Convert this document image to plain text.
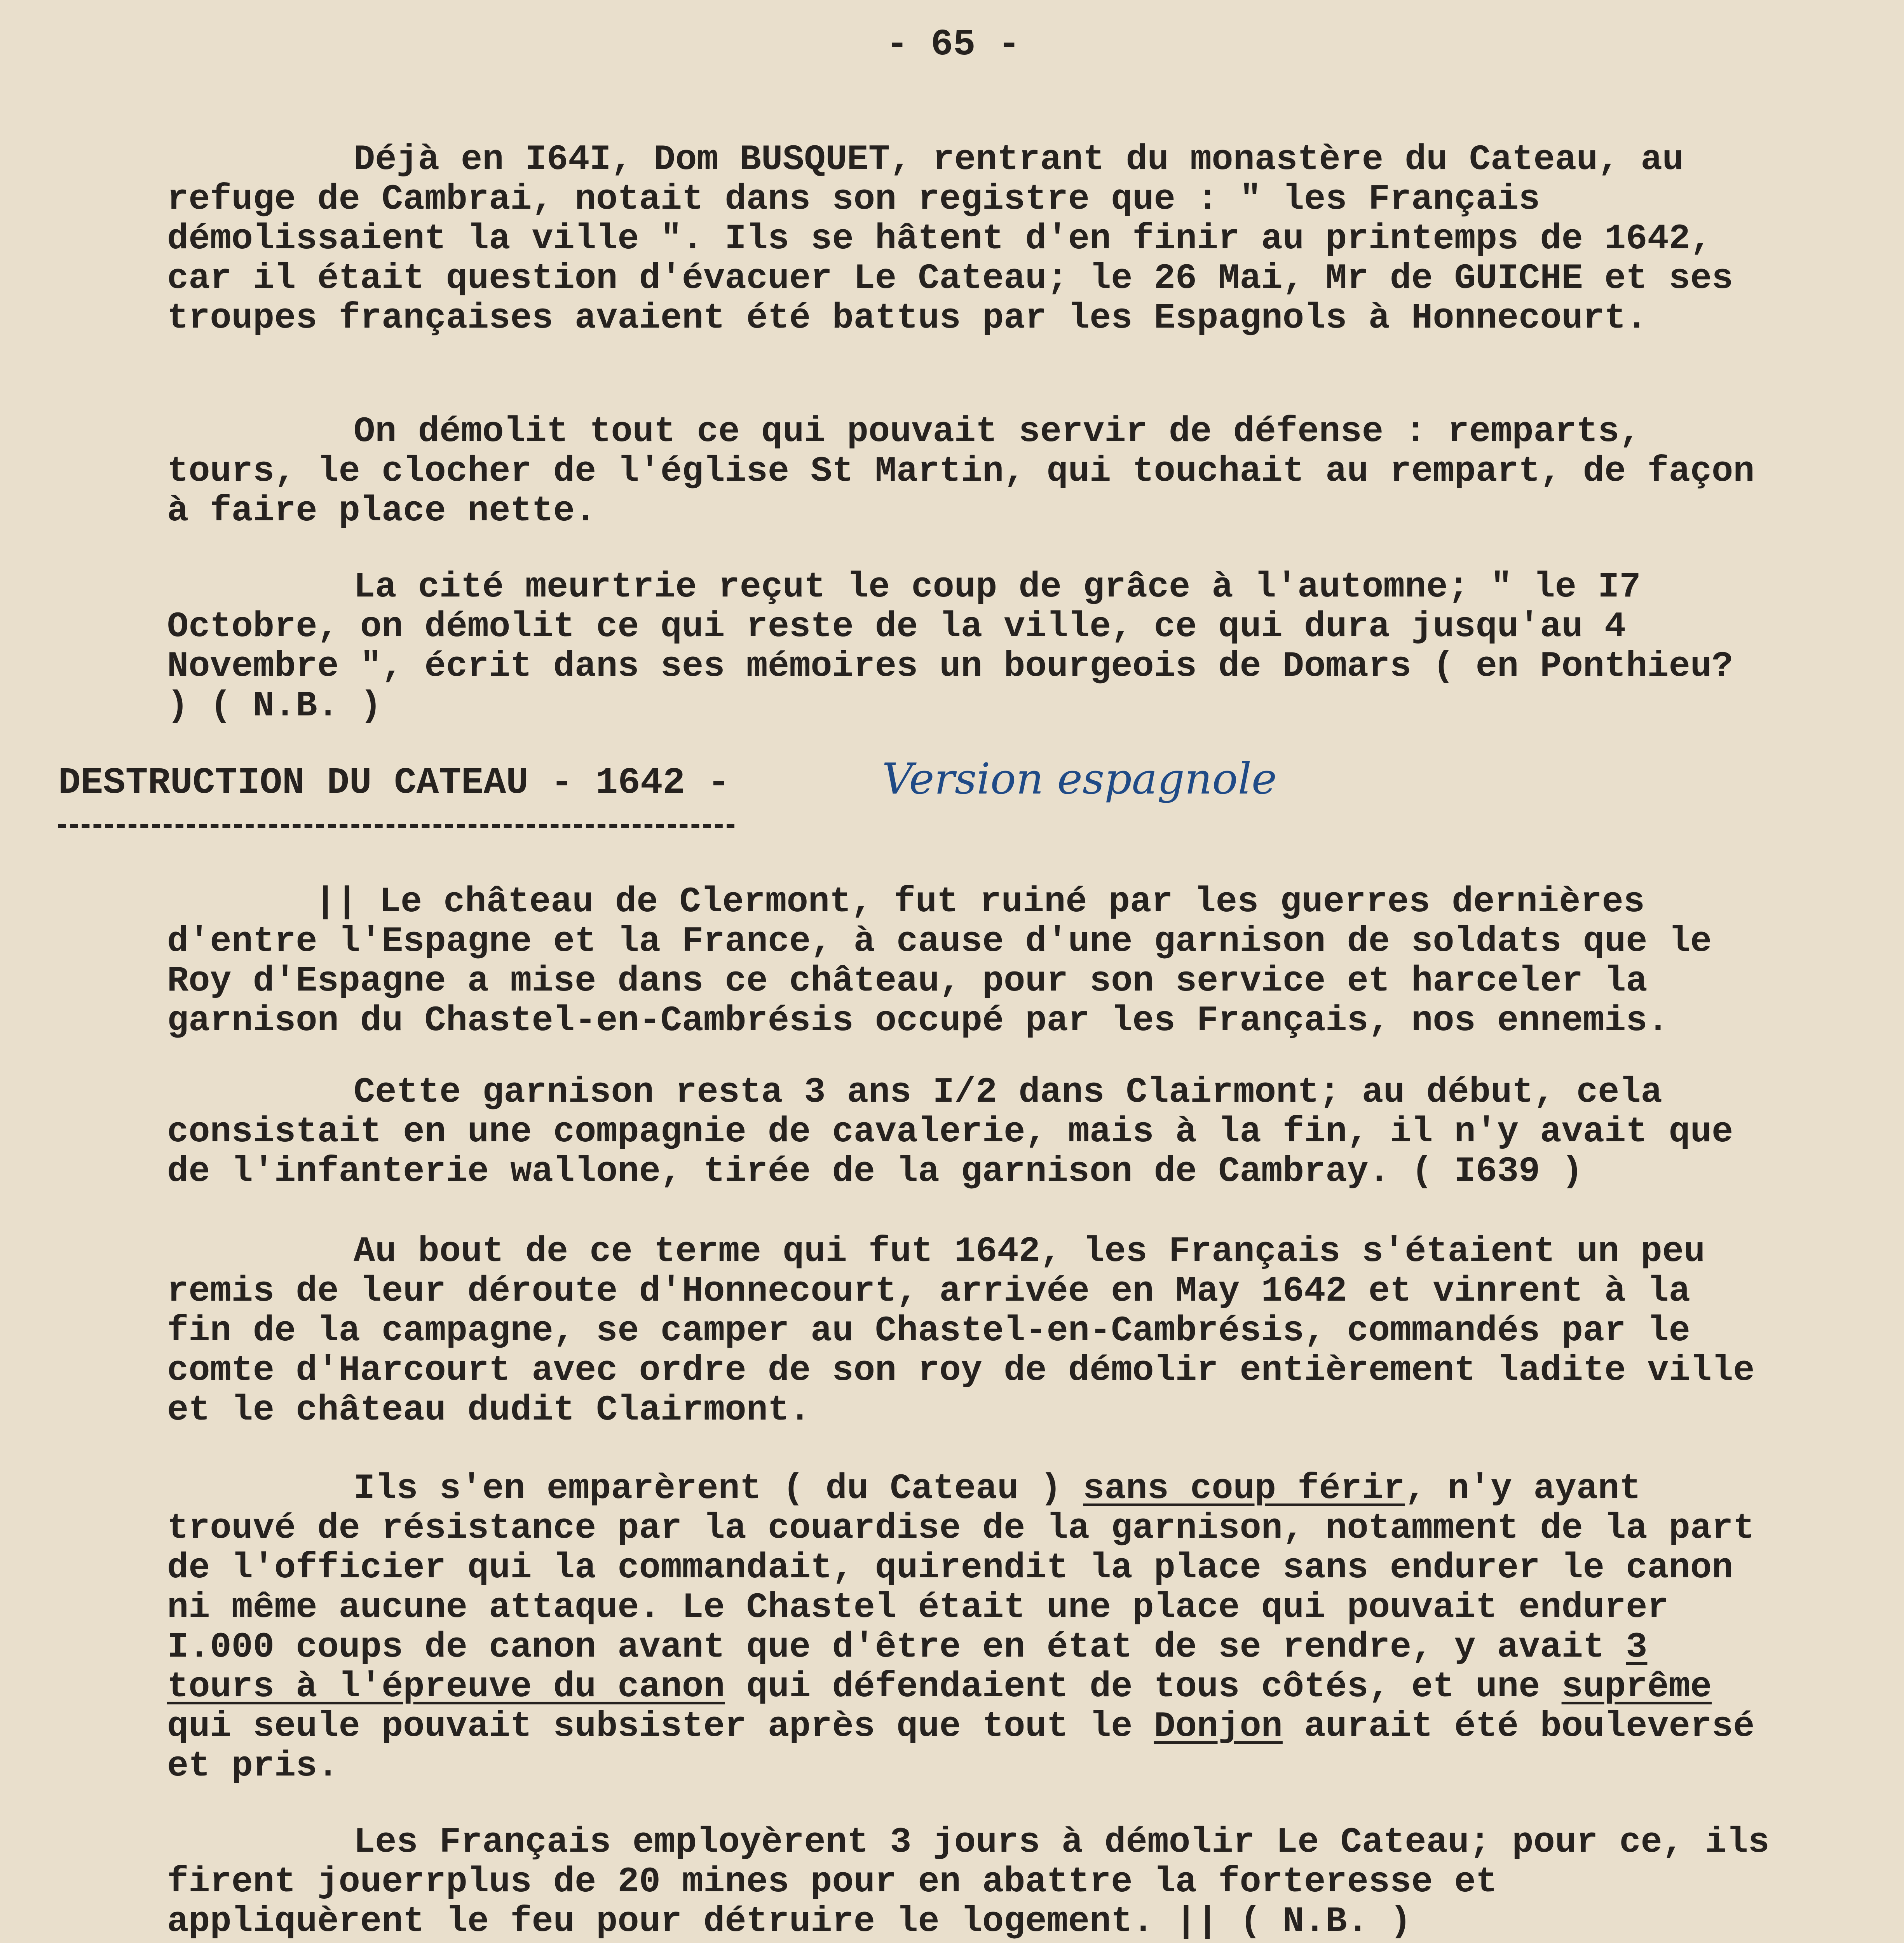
- 65 -
Déjà en I64I, Dom BUSQUET, rentrant du monastère du Cateau, au refuge de Cambrai, notait dans son registre que : " les Français démolissaient la ville ". Ils se hâtent d'en finir au printemps de 1642, car il était question d'évacuer Le Cateau; le 26 Mai, Mr de GUICHE et ses troupes françaises avaient été battus par les Espagnols à Honnecourt.
On démolit tout ce qui pouvait servir de défense : remparts, tours, le clocher de l'église St Martin, qui touchait au rempart, de façon à faire place nette.
La cité meurtrie reçut le coup de grâce à l'automne; " le I7 Octobre, on démolit ce qui reste de la ville, ce qui dura jusqu'au 4 Novembre ", écrit dans ses mémoires un bourgeois de Domars ( en Ponthieu? ) ( N.B. )
DESTRUCTION DU CATEAU - 1642 -	Version espagnole
|| Le château de Clermont, fut ruiné par les guerres dernières d'entre l'Espagne et la France, à cause d'une garnison de soldats que le Roy d'Espagne a mise dans ce château, pour son service et harceler la garnison du Chastel-en-Cambrésis occupé par les Français, nos ennemis.
Cette garnison resta 3 ans I/2 dans Clairmont; au début, cela consistait en une compagnie de cavalerie, mais à la fin, il n'y avait que de l'infanterie wallone, tirée de la garnison de Cambray. ( I639 )
Au bout de ce terme qui fut 1642, les Français s'étaient un peu remis de leur déroute d'Honnecourt, arrivée en May 1642 et vinrent à la fin de la campagne, se camper au Chastel-en-Cambrésis, commandés par le comte d'Harcourt avec ordre de son roy de démolir entièrement ladite ville et le château dudit Clairmont.
Ils s'en emparèrent ( du Cateau ) sans coup férir, n'y ayant trouvé de résistance par la couardise de la garnison, notamment de la part de l'officier qui la commandait, quirendit la place sans endurer le canon ni même aucune attaque. Le Chastel était une place qui pouvait endurer I.000 coups de canon avant que d'être en état de se rendre, y avait 3 tours à l'épreuve du canon qui défendaient de tous côtés, et une suprême qui seule pouvait subsister après que tout le Donjon aurait été bouleversé et pris.
Les Français employèrent 3 jours à démolir Le Cateau; pour ce, ils firent jouerrplus de 20 mines pour en abattre la forteresse et appliquèrent le feu pour détruire le logement. || ( N.B. )
